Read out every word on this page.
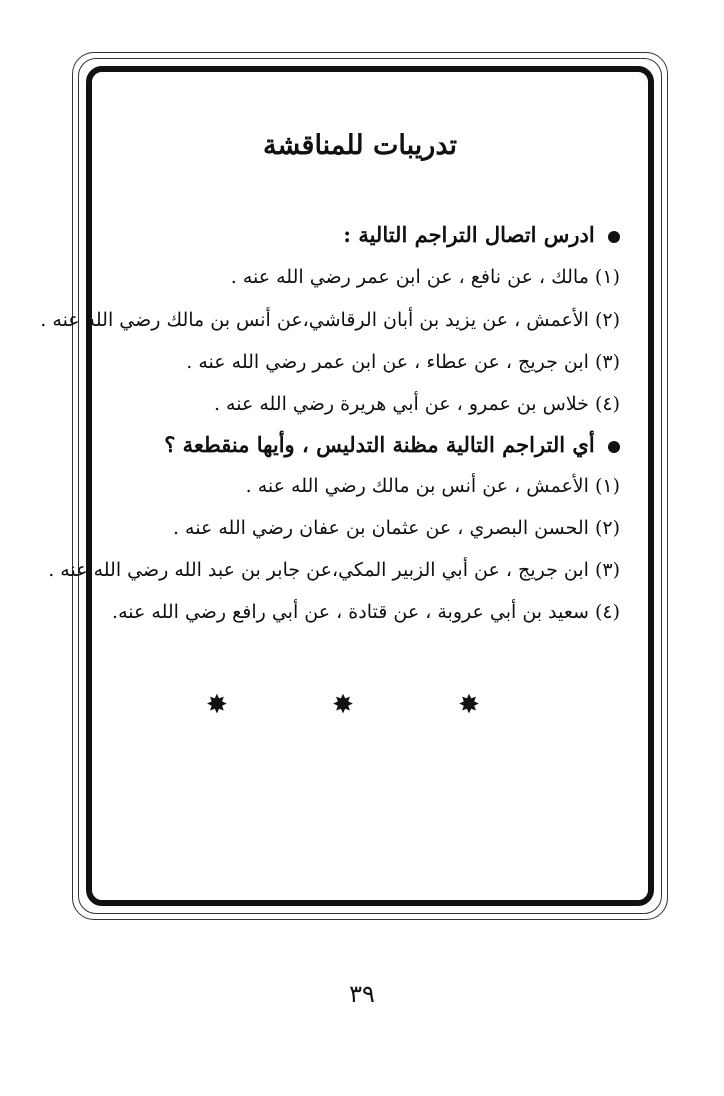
تدريبات للمناقشة
ادرس اتصال التراجم التالية :
(١) مالك ، عن نافع ، عن ابن عمر رضي الله عنه .
(٢) الأعمش ، عن يزيد بن أبان الرقاشي،عن أنس بن مالك رضي الله عنه .
(٣) ابن جريج ، عن عطاء ، عن ابن عمر رضي الله عنه .
(٤) خلاس بن عمرو ، عن أبي هريرة رضي الله عنه .
أي التراجم التالية مظنة التدليس ، وأيها منقطعة ؟
(١) الأعمش ، عن أنس بن مالك رضي الله عنه .
(٢) الحسن البصري ، عن عثمان بن عفان رضي الله عنه .
(٣) ابن جريج ، عن أبي الزبير المكي،عن جابر بن عبد الله رضي الله عنه .
(٤) سعيد بن أبي عروبة ، عن قتادة ، عن أبي رافع رضي الله عنه.
✸ ✸ ✸
٣٩
